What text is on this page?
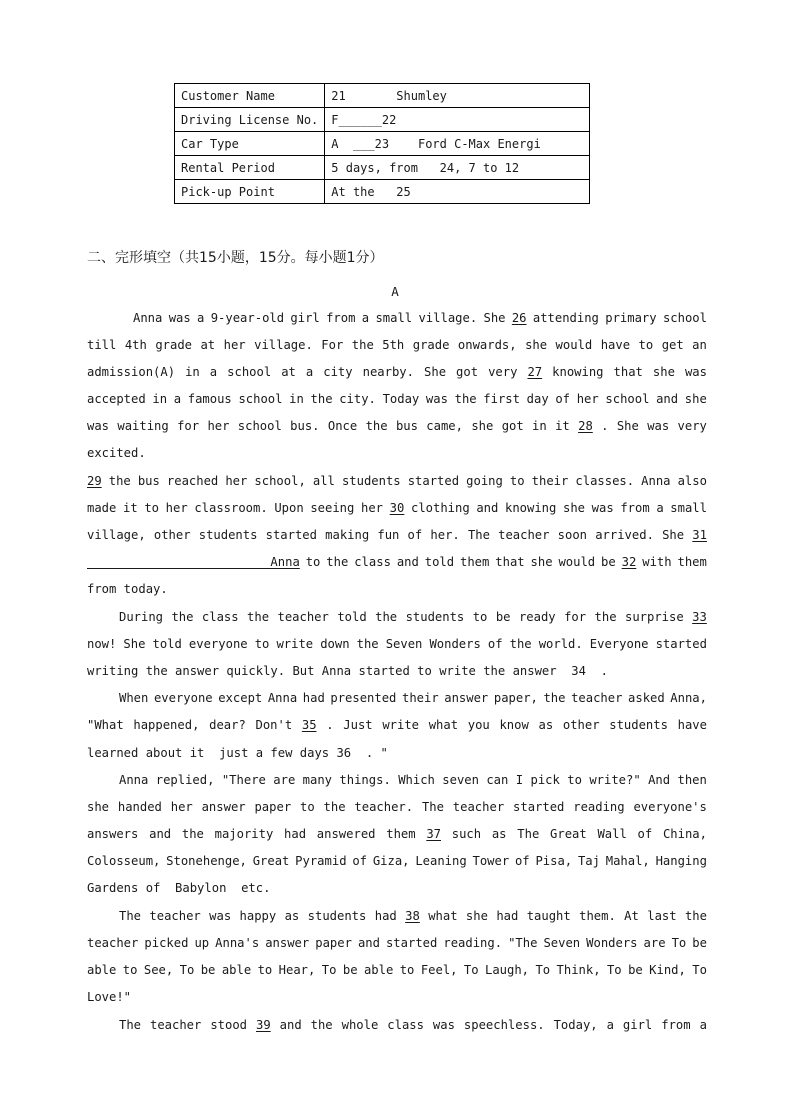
Customer Name	21       Shumley
Driving License No.	F______22
Car Type	A  ___23    Ford C-Max Energi
Rental Period	5 days, from   24, 7 to 12
Pick-up Point	At the   25
二、完形填空（共15小题，15分。每小题1分）
A
Anna was a 9-year-old girl from a small village. She 26 attending primary school
till 4th grade at her village. For the 5th grade onwards, she would have to get an
admission(A) in a school at a city nearby. She got very 27 knowing that she was
accepted in a famous school in the city. Today was the first day of her school and she
was waiting for her school bus. Once the bus came, she got in it 28 . She was very
excited.
29 the bus reached her school, all students started going to their classes. Anna also
made it to her classroom. Upon seeing her 30 clothing and knowing she was from a small
village, other students started making fun of her. The teacher soon arrived. She 31
_________________________Anna to the class and told them that she would be 32 with them
from today.
During the class the teacher told the students to be ready for the surprise 33
now! She told everyone to write down the Seven Wonders of the world. Everyone started
writing the answer quickly. But Anna started to write the answer  34  .
When everyone except Anna had presented their answer paper, the teacher asked Anna,
"What happened, dear? Don't 35 . Just write what you know as other students have
learned about it  just a few days 36  . "
Anna replied, "There are many things. Which seven can I pick to write?" And then
she handed her answer paper to the teacher. The teacher started reading everyone's
answers and the majority had answered them 37 such as The Great Wall of China,
Colosseum, Stonehenge, Great Pyramid of Giza, Leaning Tower of Pisa, Taj Mahal, Hanging
Gardens of  Babylon  etc.
The teacher was happy as students had 38 what she had taught them. At last the
teacher picked up Anna's answer paper and started reading. "The Seven Wonders are To be
able to See, To be able to Hear, To be able to Feel, To Laugh, To Think, To be Kind, To
Love!"
The teacher stood 39 and the whole class was speechless. Today, a girl from a
